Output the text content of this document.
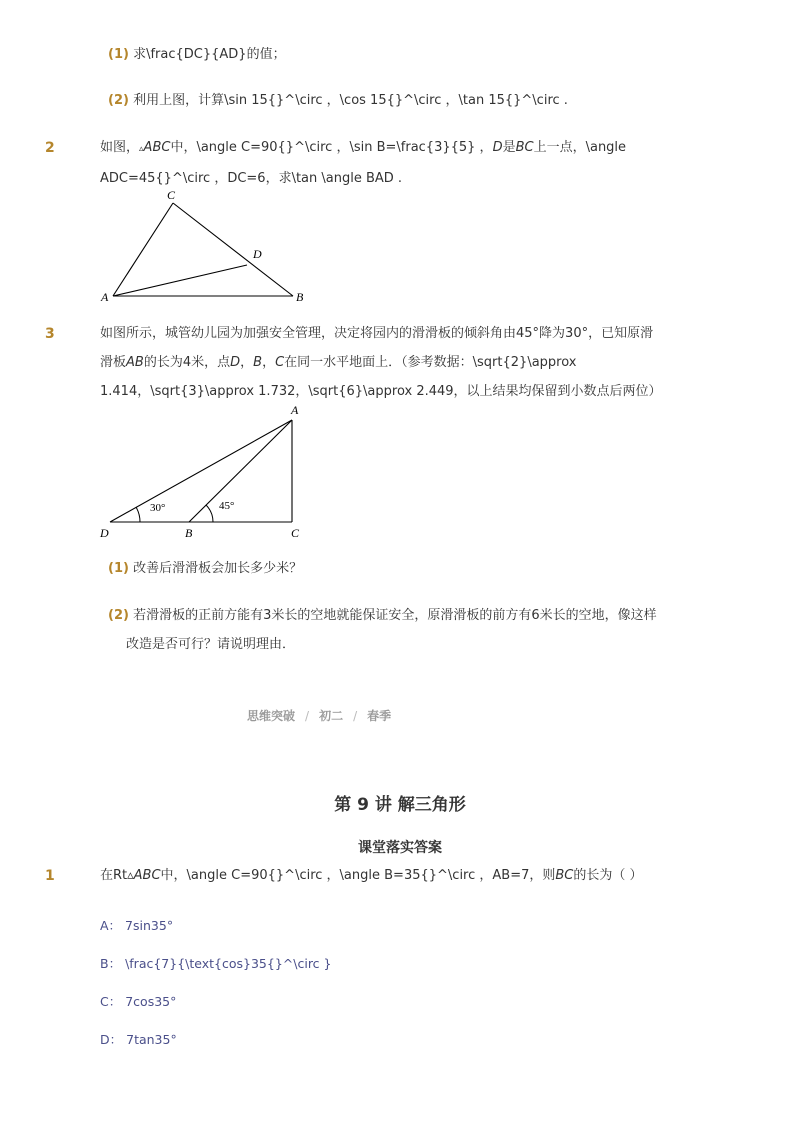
(1) 求\frac{DC}{AD}的值；
(2) 利用上图，计算\sin 15{}^\circ ，\cos 15{}^\circ ，\tan 15{}^\circ .
2	如图，▵ABC中，\angle C=90{}^\circ ，\sin B=\frac{3}{5} ，D是BC上一点，\angle
ADC=45{}^\circ ，DC=6，求\tan \angle BAD .
C
D
A	B
3	如图所示，城管幼儿园为加强安全管理，决定将园内的滑滑板的倾斜角由45°降为30°，已知原滑
滑板AB的长为4米，点D，B，C在同一水平地面上．（参考数据：\sqrt{2}\approx
1.414，\sqrt{3}\approx 1.732，\sqrt{6}\approx 2.449，以上结果均保留到小数点后两位）
30°	45°
A
D	B	C
(1) 改善后滑滑板会加长多少米？
(2) 若滑滑板的正前方能有3米长的空地就能保证安全，原滑滑板的前方有6米长的空地，像这样
改造是否可行？请说明理由．
思维突破 / 初二 / 春季
第 9 讲 解三角形
课堂落实答案
1	在Rt▵ABC中，\angle C=90{}^\circ ，\angle B=35{}^\circ ，AB=7，则BC的长为（ ）
A： 7sin35°
B： \frac{7}{\text{cos}35{}^\circ }
C： 7cos35°
D： 7tan35°
